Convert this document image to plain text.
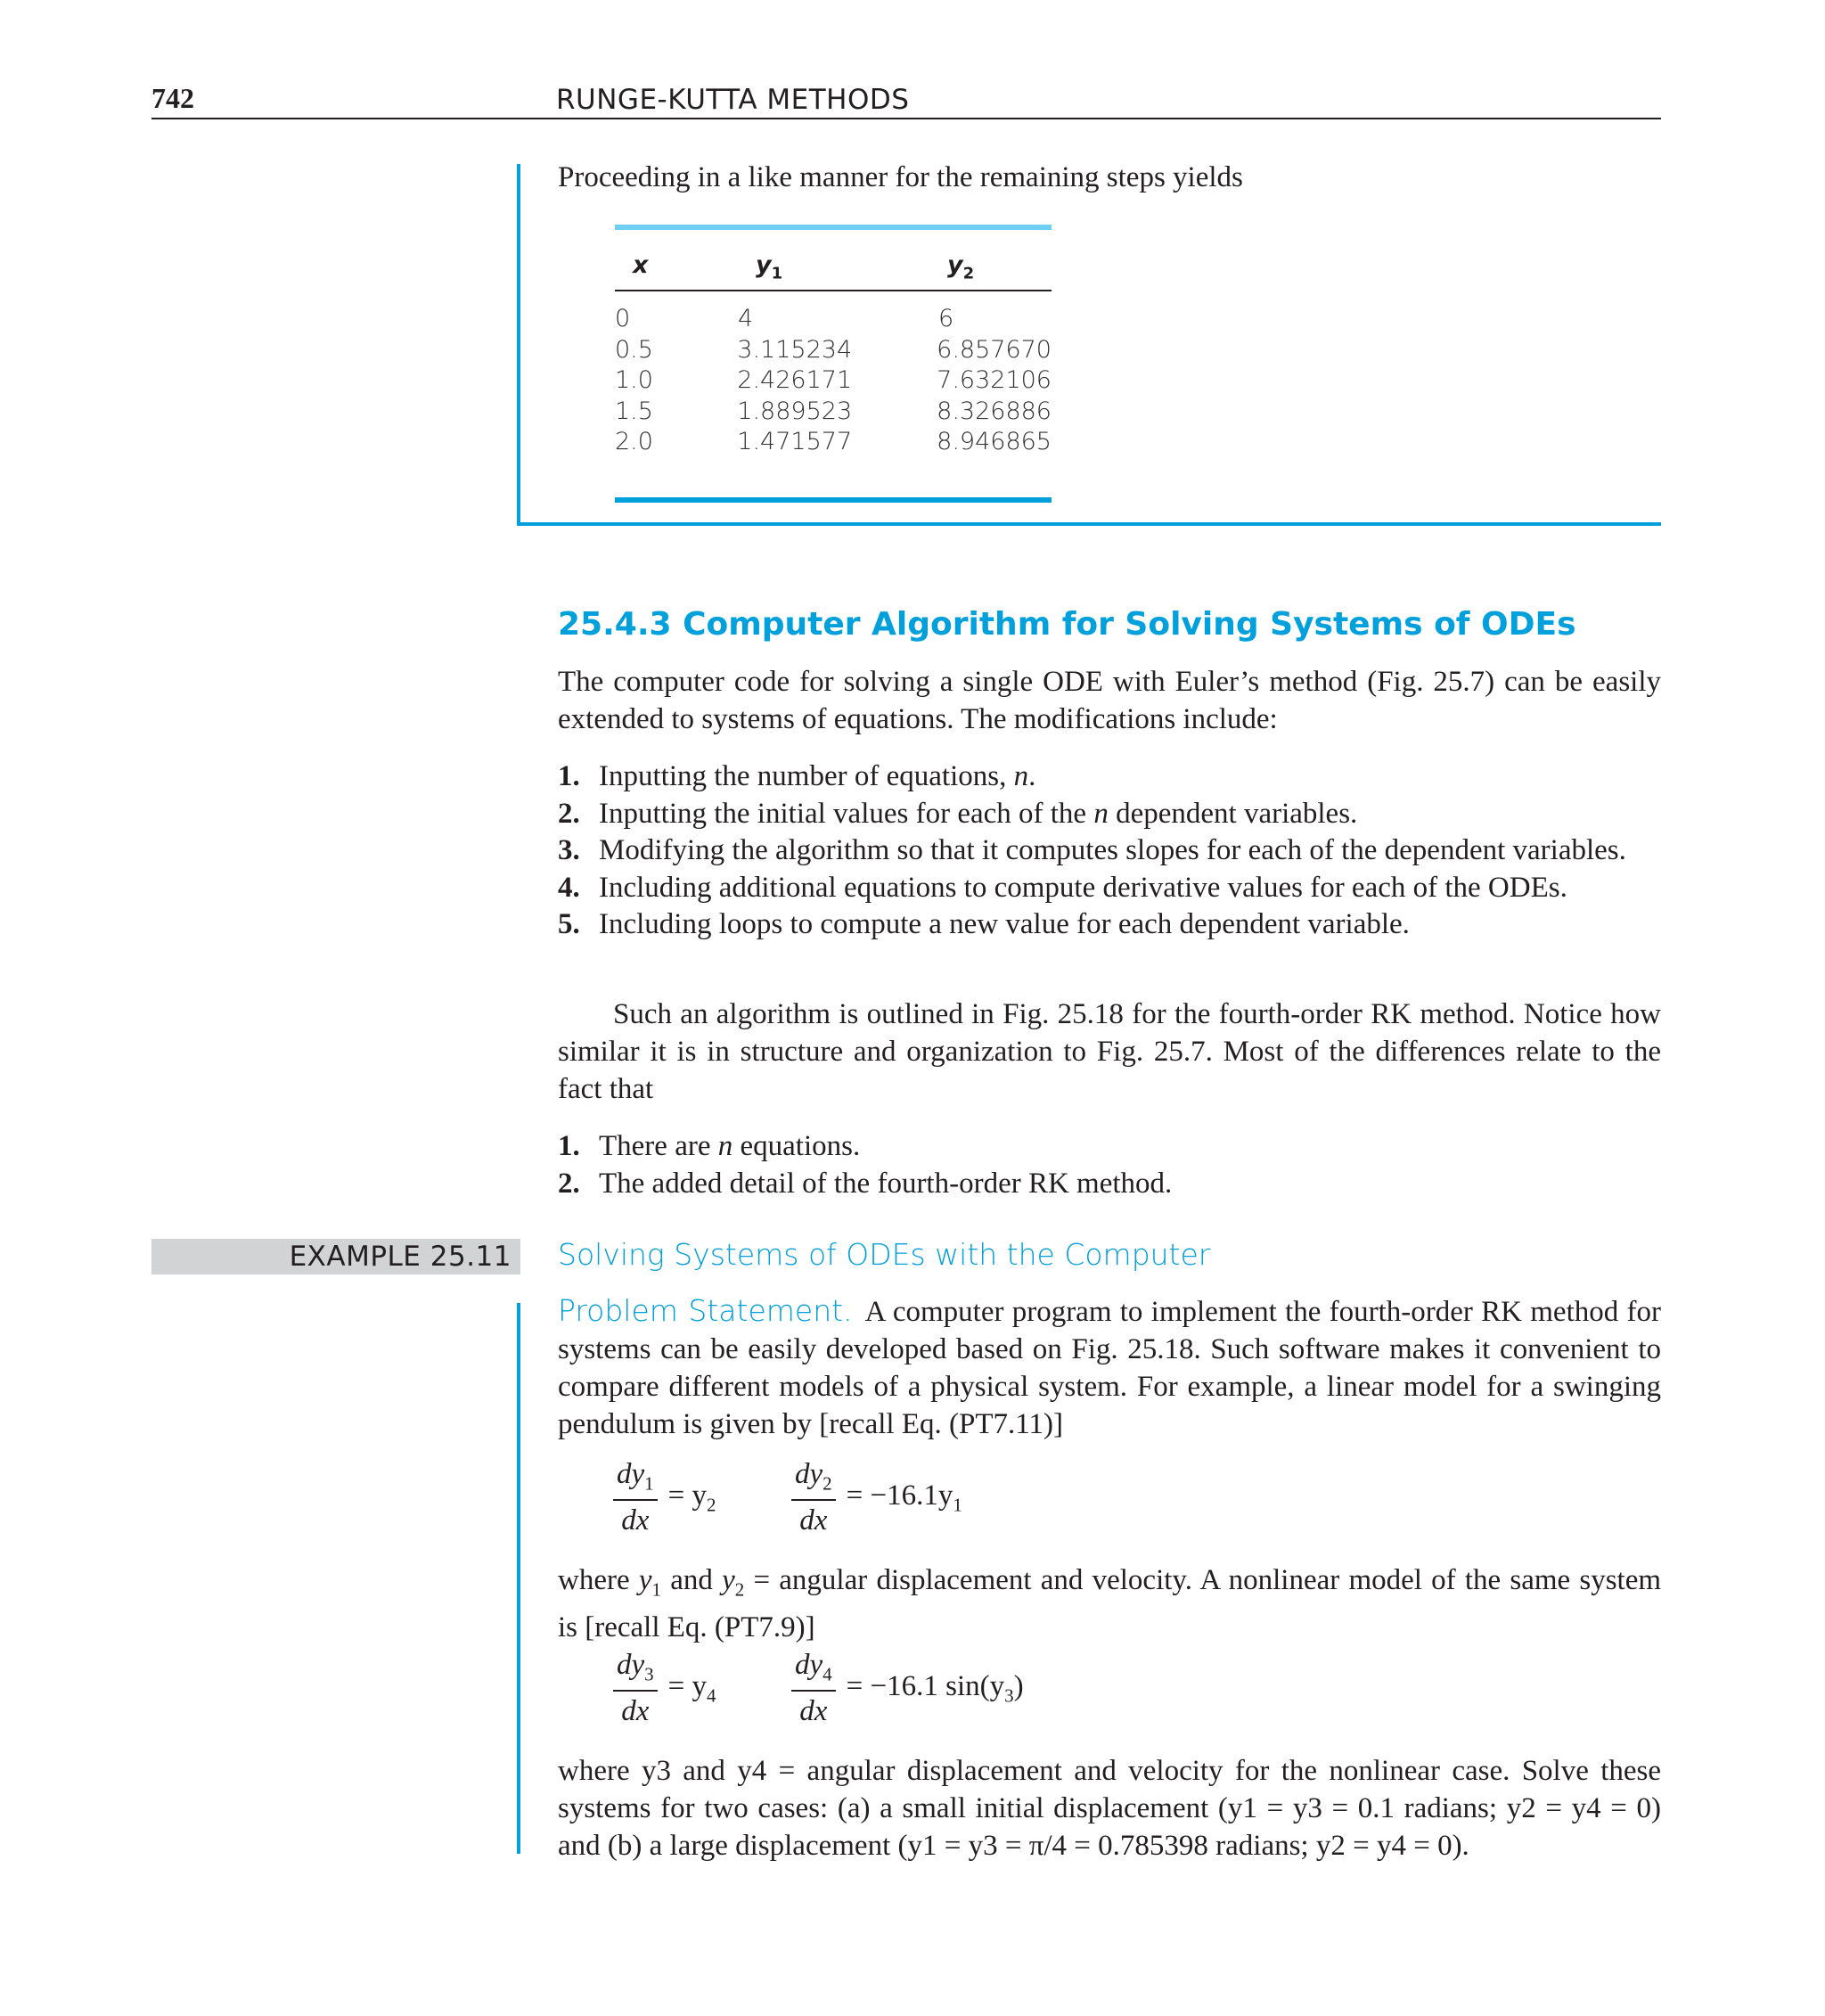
742	RUNGE-KUTTA METHODS
Proceeding in a like manner for the remaining steps yields
x	$y_1$	$y_2$
0	4	6
0.5	3.115234	6.857670
1.0	2.426171	7.632106
1.5	1.889523	8.326886
2.0	1.471577	8.946865
25.4.3 Computer Algorithm for Solving Systems of ODEs
The computer code for solving a single ODE with Euler’s method (Fig. 25.7) can be easily extended to systems of equations. The modifications include:
1. Inputting the number of equations, n.
2. Inputting the initial values for each of the n dependent variables.
3. Modifying the algorithm so that it computes slopes for each of the dependent variables.
4. Including additional equations to compute derivative values for each of the ODEs.
5. Including loops to compute a new value for each dependent variable.
Such an algorithm is outlined in Fig. 25.18 for the fourth-order RK method. Notice how similar it is in structure and organization to Fig. 25.7. Most of the differences relate to the fact that
1. There are n equations.
2. The added detail of the fourth-order RK method.
EXAMPLE 25.11 Solving Systems of ODEs with the Computer

Problem Statement. A computer program to implement the fourth-order RK method for systems can be easily developed based on Fig. 25.18. Such software makes it convenient to compare different models of a physical system. For example, a linear model for a swinging pendulum is given by [recall Eq. (PT7.11)]

$\frac{dy_1}{dx} = y_2$	$\frac{dy_2}{dx} = -16.1y_1$

where $y_1$ and $y_2$ = angular displacement and velocity. A nonlinear model of the same system is [recall Eq. (PT7.9)]

$\frac{dy_3}{dx} = y_4$	$\frac{dy_4}{dx} = -16.1$ $\sin(y_3)$
where y3 and y4 = angular displacement and velocity for the nonlinear case. Solve these systems for two cases: (a) a small initial displacement (y1 = y3 = 0.1 radians; y2 = y4 = 0) and (b) a large displacement (y1 = y3 = π/4 = 0.785398 radians; y2 = y4 = 0).
